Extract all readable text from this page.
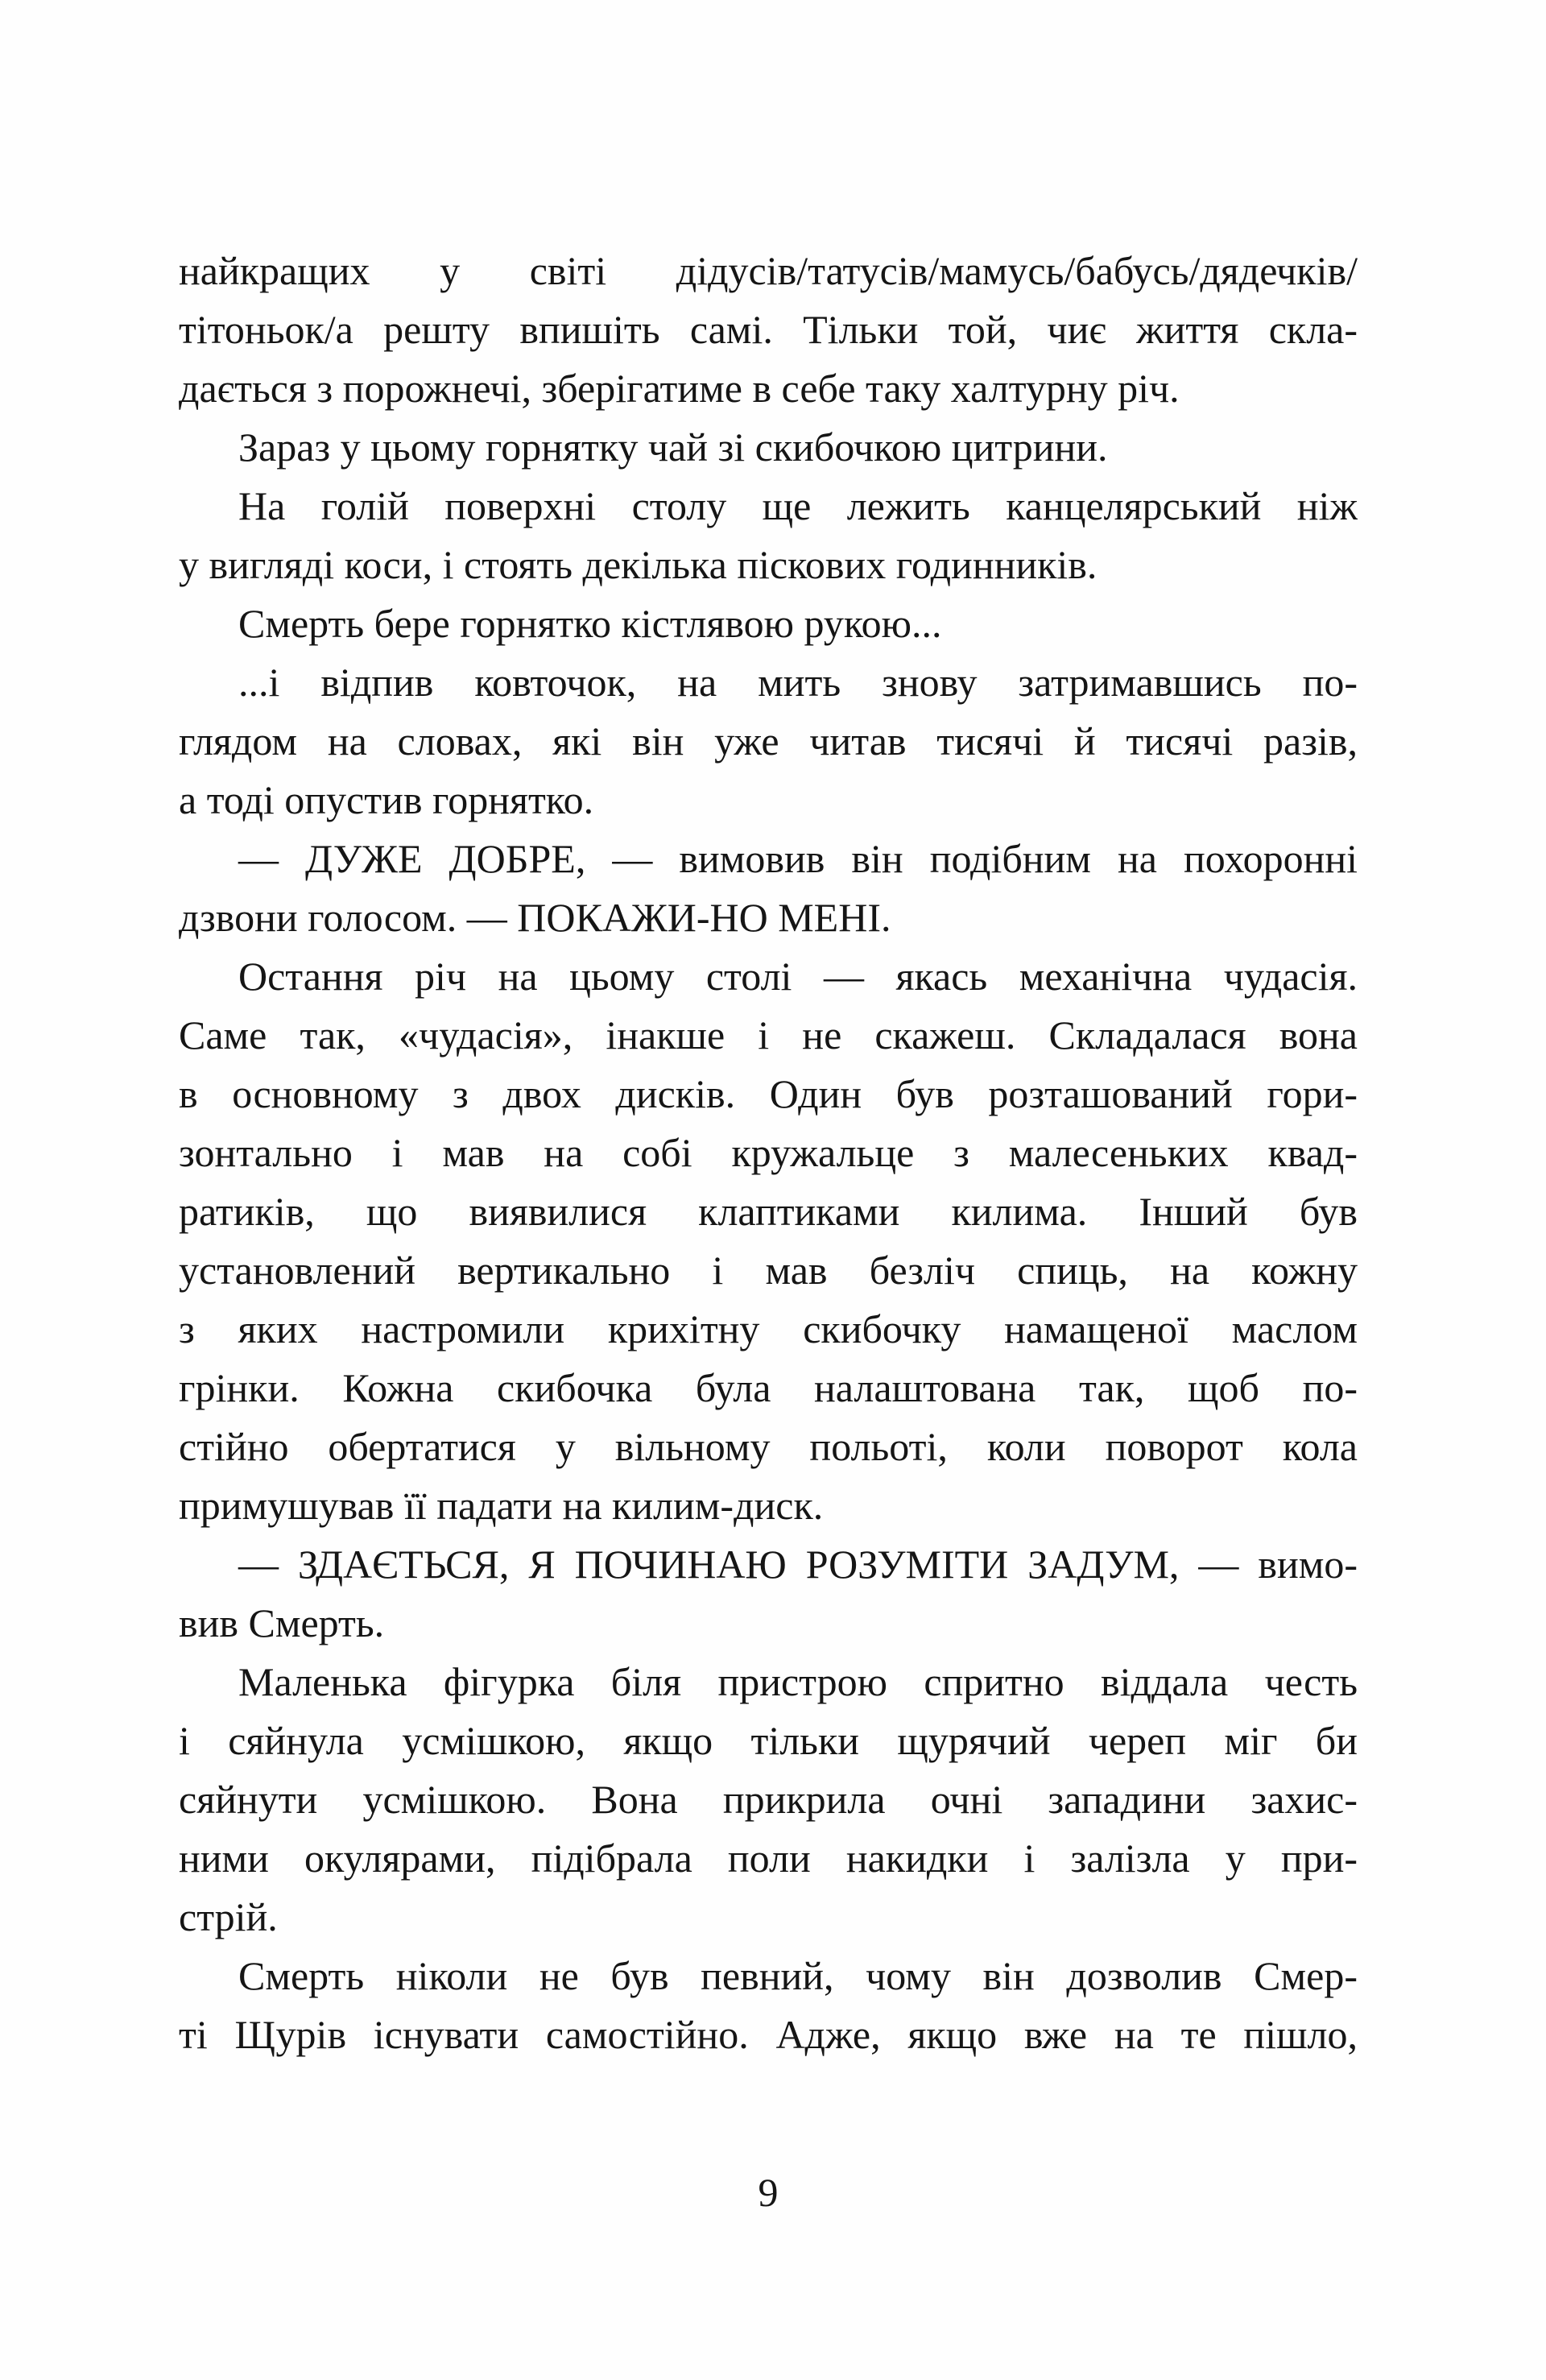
найкращих у світі дідусів/татусів/мамусь/бабусь/дядечків/
тітоньок/а решту впишіть самі. Тільки той, чиє життя скла-
дається з порожнечі, зберігатиме в себе таку халтурну річ.
Зараз у цьому горнятку чай зі скибочкою цитрини.
На голій поверхні столу ще лежить канцелярський ніж
у вигляді коси, і стоять декілька піскових годинників.
Смерть бере горнятко кістлявою рукою...
...і відпив ковточок, на мить знову затримавшись по-
глядом на словах, які він уже читав тисячі й тисячі разів,
а тоді опустив горнятко.
— ДУЖЕ ДОБРЕ, — вимовив він подібним на похоронні
дзвони голосом. — ПОКАЖИ-НО МЕНІ.
Остання річ на цьому столі — якась механічна чудасія.
Саме так, «чудасія», інакше і не скажеш. Складалася вона
в основному з двох дисків. Один був розташований гори-
зонтально і мав на собі кружальце з малесеньких квад-
ратиків, що виявилися клаптиками килима. Інший був
установлений вертикально і мав безліч спиць, на кожну
з яких настромили крихітну скибочку намащеної маслом
грінки. Кожна скибочка була налаштована так, щоб по-
стійно обертатися у вільному польоті, коли поворот кола
примушував її падати на килим-диск.
— ЗДАЄТЬСЯ, Я ПОЧИНАЮ РОЗУМІТИ ЗАДУМ, — вимо-
вив Смерть.
Маленька фігурка біля пристрою спритно віддала честь
і сяйнула усмішкою, якщо тільки щурячий череп міг би
сяйнути усмішкою. Вона прикрила очні западини захис-
ними окулярами, підібрала поли накидки і залізла у при-
стрій.
Смерть ніколи не був певний, чому він дозволив Смер-
ті Щурів існувати самостійно. Адже, якщо вже на те пішло,
9
